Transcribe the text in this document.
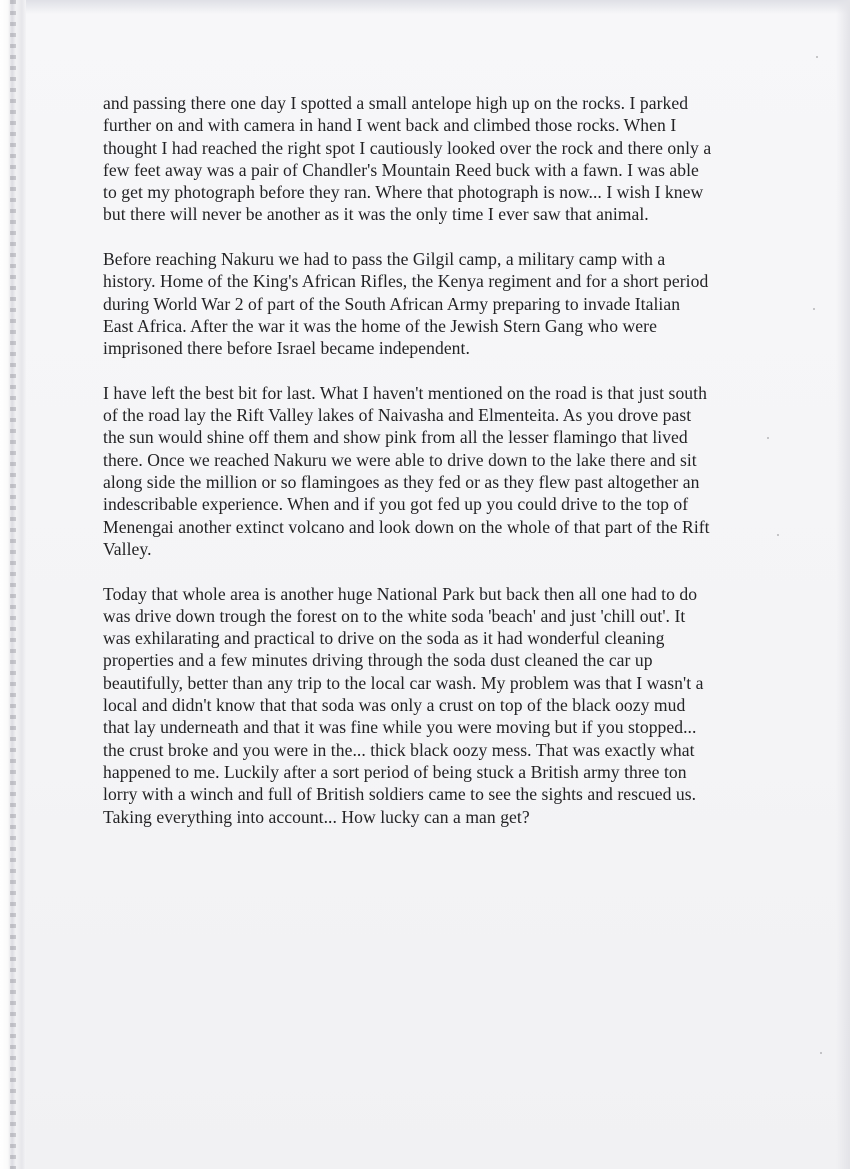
and passing there one day I spotted a small antelope high up on the rocks. I parked
further on and with camera in hand I went back and climbed those rocks. When I
thought I had reached the right spot I cautiously looked over the rock and there only a
few feet away was a pair of Chandler's Mountain Reed buck with a fawn. I was able
to get my photograph before they ran. Where that photograph is now... I wish I knew
but there will never be another as it was the only time I ever saw that animal.
Before reaching Nakuru we had to pass the Gilgil camp, a military camp with a
history. Home of the King's African Rifles, the Kenya regiment and for a short period
during World War 2 of part of the South African Army preparing to invade Italian
East Africa. After the war it was the home of the Jewish Stern Gang who were
imprisoned there before Israel became independent.
I have left the best bit for last. What I haven't mentioned on the road is that just south
of the road lay the Rift Valley lakes of Naivasha and Elmenteita. As you drove past
the sun would shine off them and show pink from all the lesser flamingo that lived
there. Once we reached Nakuru we were able to drive down to the lake there and sit
along side the million or so flamingoes as they fed or as they flew past altogether an
indescribable experience. When and if you got fed up you could drive to the top of
Menengai another extinct volcano and look down on the whole of that part of the Rift
Valley.
Today that whole area is another huge National Park but back then all one had to do
was drive down trough the forest on to the white soda 'beach' and just 'chill out'. It
was exhilarating and practical to drive on the soda as it had wonderful cleaning
properties and a few minutes driving through the soda dust cleaned the car up
beautifully, better than any trip to the local car wash. My problem was that I wasn't a
local and didn't know that that soda was only a crust on top of the black oozy mud
that lay underneath and that it was fine while you were moving but if you stopped...
the crust broke and you were in the... thick black oozy mess. That was exactly what
happened to me. Luckily after a sort period of being stuck a British army three ton
lorry with a winch and full of British soldiers came to see the sights and rescued us.
Taking everything into account... How lucky can a man get?
